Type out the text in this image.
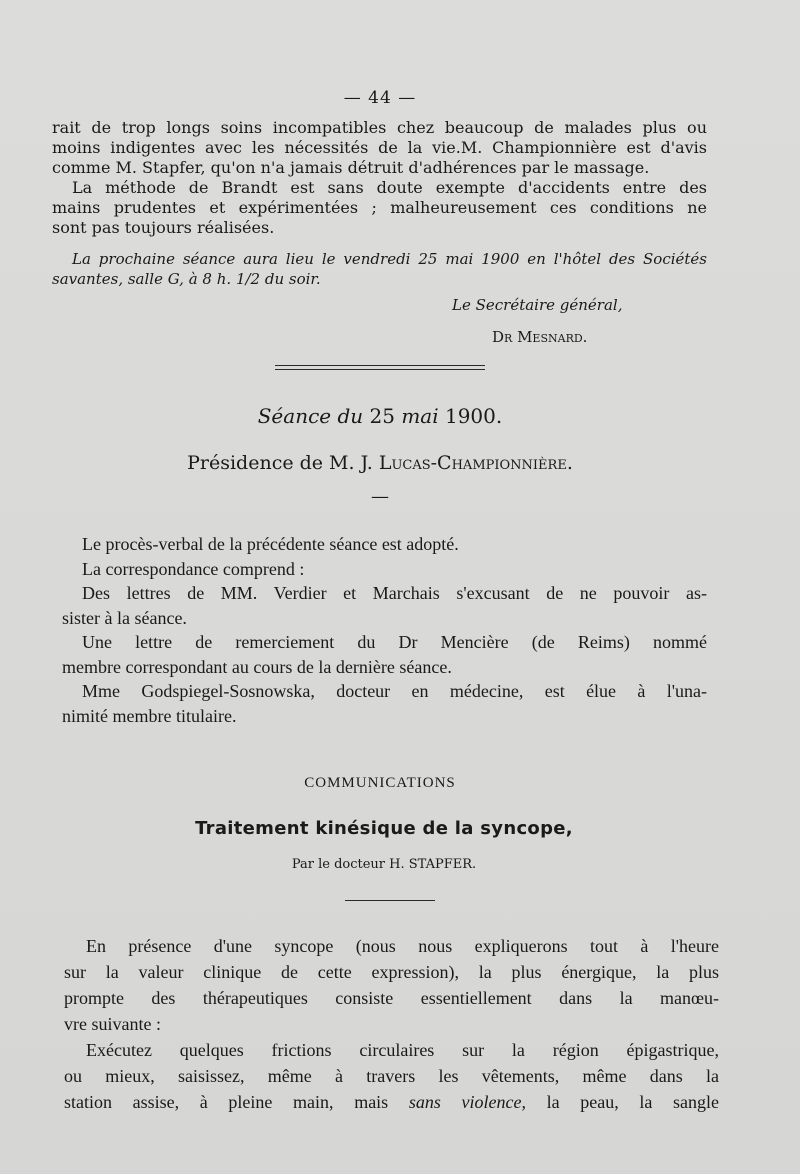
— 44 —
rait de trop longs soins incompatibles chez beaucoup de malades plus ou
moins indigentes avec les nécessités de la vie.M. Championnière est d'avis
comme M. Stapfer, qu'on n'a jamais détruit d'adhérences par le massage.
La méthode de Brandt est sans doute exempte d'accidents entre des
mains prudentes et expérimentées ; malheureusement ces conditions ne
sont pas toujours réalisées.
La prochaine séance aura lieu le vendredi 25 mai 1900 en l'hôtel des Sociétés
savantes, salle G, à 8 h. 1/2 du soir.
Le Secrétaire général,
Dr Mesnard.
Séance du 25 mai 1900.
Présidence de M. J. Lucas-Championnière.
—
Le procès-verbal de la précédente séance est adopté.
La correspondance comprend :
Des lettres de MM. Verdier et Marchais s'excusant de ne pouvoir as-
sister à la séance.
Une lettre de remerciement du Dr Mencière (de Reims) nommé
membre correspondant au cours de la dernière séance.
Mme Godspiegel-Sosnowska, docteur en médecine, est élue à l'una-
nimité membre titulaire.
COMMUNICATIONS
Traitement kinésique de la syncope,
Par le docteur H. STAPFER.
En présence d'une syncope (nous nous expliquerons tout à l'heure
sur la valeur clinique de cette expression), la plus énergique, la plus
prompte des thérapeutiques consiste essentiellement dans la manœu-
vre suivante :
Exécutez quelques frictions circulaires sur la région épigastrique,
ou mieux, saisissez, même à travers les vêtements, même dans la
station assise, à pleine main, mais sans violence, la peau, la sangle
